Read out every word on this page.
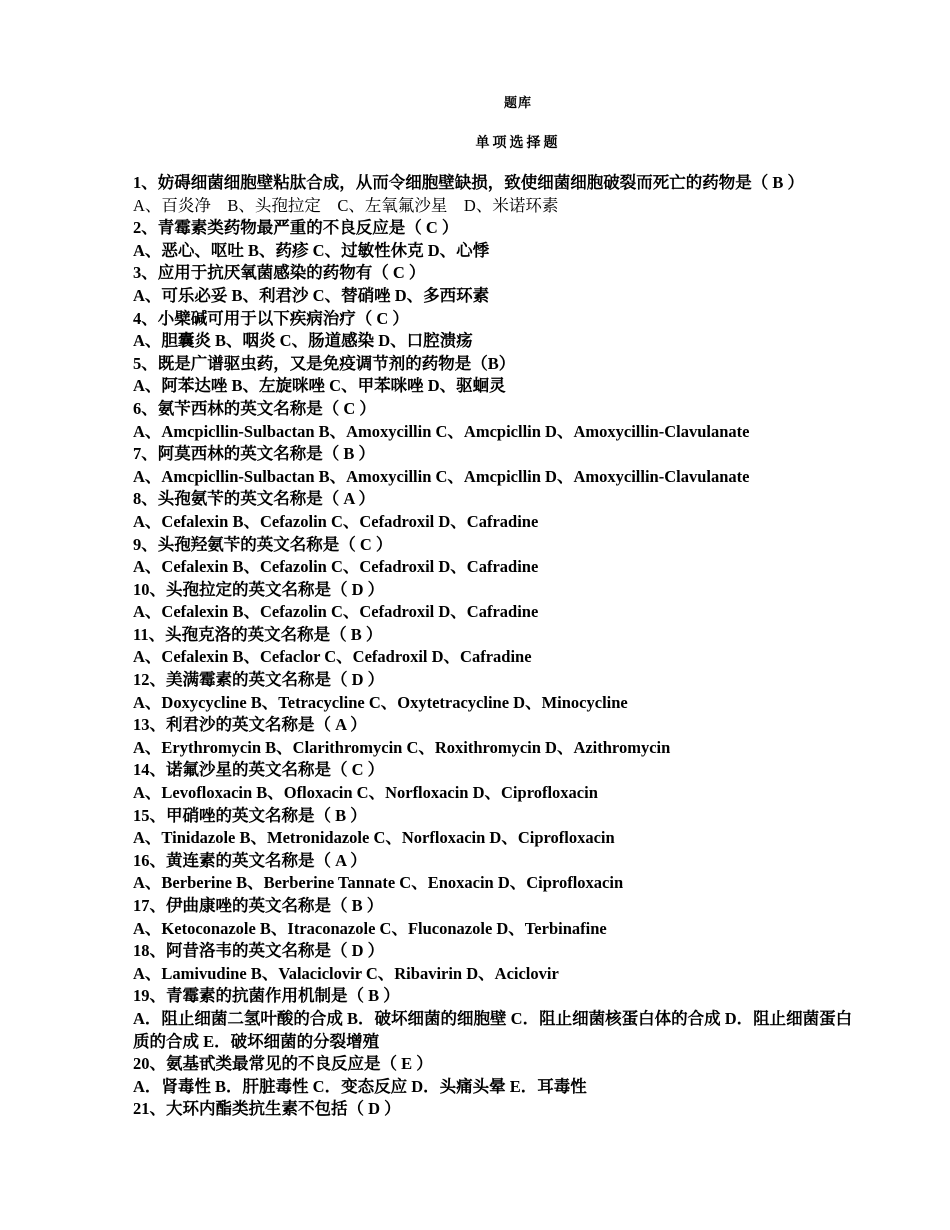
题库
单项选择题
1、妨碍细菌细胞壁粘肽合成，从而令细胞壁缺损，致使细菌细胞破裂而死亡的药物是（ B ）
A、百炎净　B、头孢拉定　C、左氧氟沙星　D、米诺环素
2、青霉素类药物最严重的不良反应是（ C ）
A、恶心、呕吐 B、药疹 C、过敏性休克 D、心悸
3、应用于抗厌氧菌感染的药物有（ C ）
A、可乐必妥 B、利君沙 C、替硝唑 D、多西环素
4、小檗碱可用于以下疾病治疗（ C ）
A、胆囊炎 B、咽炎 C、肠道感染 D、口腔溃疡
5、既是广谱驱虫药，又是免疫调节剂的药物是（B）
A、阿苯达唑 B、左旋咪唑 C、甲苯咪唑 D、驱蛔灵
6、氨苄西林的英文名称是（ C ）
A、Amcpicllin-Sulbactan B、Amoxycillin C、Amcpicllin D、Amoxycillin-Clavulanate
7、阿莫西林的英文名称是（ B ）
A、Amcpicllin-Sulbactan B、Amoxycillin C、Amcpicllin D、Amoxycillin-Clavulanate
8、头孢氨苄的英文名称是（ A ）
A、Cefalexin B、Cefazolin C、Cefadroxil D、Cafradine
9、头孢羟氨苄的英文名称是（ C ）
A、Cefalexin B、Cefazolin C、Cefadroxil D、Cafradine
10、头孢拉定的英文名称是（ D ）
A、Cefalexin B、Cefazolin C、Cefadroxil D、Cafradine
11、头孢克洛的英文名称是（ B ）
A、Cefalexin B、Cefaclor C、Cefadroxil D、Cafradine
12、美满霉素的英文名称是（ D ）
A、Doxycycline B、Tetracycline C、Oxytetracycline D、Minocycline
13、利君沙的英文名称是（ A ）
A、Erythromycin B、Clarithromycin C、Roxithromycin D、Azithromycin
14、诺氟沙星的英文名称是（ C ）
A、Levofloxacin B、Ofloxacin C、Norfloxacin D、Ciprofloxacin
15、甲硝唑的英文名称是（ B ）
A、Tinidazole B、Metronidazole C、Norfloxacin D、Ciprofloxacin
16、黄连素的英文名称是（ A ）
A、Berberine B、Berberine Tannate C、Enoxacin D、Ciprofloxacin
17、伊曲康唑的英文名称是（ B ）
A、Ketoconazole B、Itraconazole C、Fluconazole D、Terbinafine
18、阿昔洛韦的英文名称是（ D ）
A、Lamivudine B、Valaciclovir C、Ribavirin D、Aciclovir
19、青霉素的抗菌作用机制是（ B ）
A．阻止细菌二氢叶酸的合成 B．破坏细菌的细胞壁 C．阻止细菌核蛋白体的合成 D．阻止细菌蛋白质的合成 E．破坏细菌的分裂增殖
20、氨基甙类最常见的不良反应是（ E ）
A．肾毒性 B．肝脏毒性 C．变态反应 D．头痛头晕 E．耳毒性
21、大环内酯类抗生素不包括（ D ）
